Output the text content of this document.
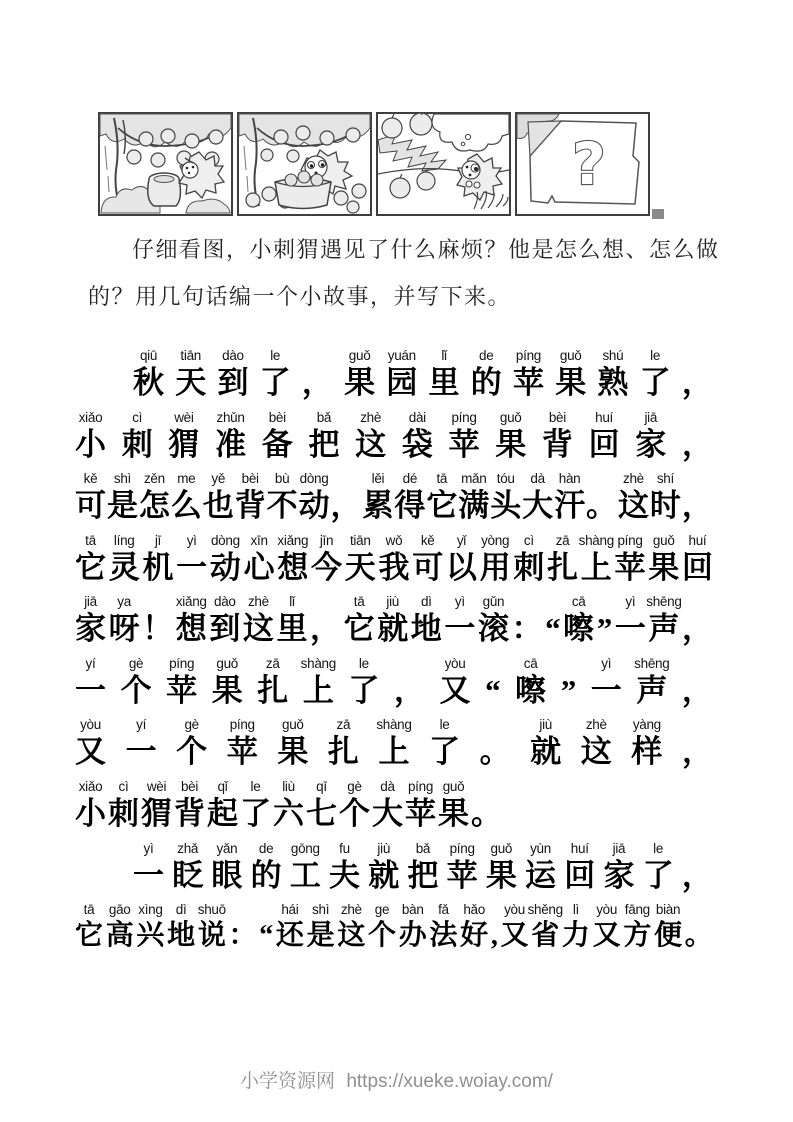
?

仔细看图，小刺猬遇见了什么麻烦？他是怎么想、怎么做

的？用几句话编一个小故事，并写下来。

qiū
秋
tiān
天
dào
到
le
了 ，
guǒ
果
yuán
园
lǐ
里
de
的
píng
苹
guǒ
果
shú
熟
le
了 ，
xiǎo
小
cì
刺
wèi
猬
zhǔn
准
bèi
备
bǎ
把
zhè
这
dài
袋
píng
苹
guǒ
果
bèi
背
huí
回
jiā
家 ，
kě
可
shì
是
zěn
怎
me
么
yě
也
bèi
背
bù
不
dòng
动 ，
lěi
累
dé
得
tā
它
mǎn
满
tóu
头
dà
大
hàn
汗 。
zhè
这
shí
时 ，
tā
它
líng
灵
jī
机
yì
一
dòng
动
xīn
心
xiǎng
想
jīn
今
tiān
天
wǒ
我
kě
可
yǐ
以
yòng
用
cì
刺
zā
扎
shàng
上
píng
苹
guǒ
果
huí
回
jiā
家
ya
呀 ！
xiǎng
想
dào
到
zhè
这
lǐ
里 ，
tā
它
jiù
就
dì
地
yì
一
gǔn
滚 ： “
cā
嚓 ”
yì
一
shēng
声 ，
yí
一
gè
个
píng
苹
guǒ
果
zā
扎
shàng
上
le
了 ，
yòu
又 “
cā
嚓 ”
yì
一
shēng
声 ，
yòu
又
yí
一
gè
个
píng
苹
guǒ
果
zā
扎
shàng
上
le
了 。
jiù
就
zhè
这
yàng
样 ，
xiǎo
小
cì
刺
wèi
猬
bèi
背
qǐ
起
le
了
liù
六
qī
七
gè
个
dà
大
píng
苹
guǒ
果 。
yì
一
zhǎ
眨
yǎn
眼
de
的
gōng
工
fu
夫
jiù
就
bǎ
把
píng
苹
guǒ
果
yùn
运
huí
回
jiā
家
le
了 ，
tā
它
gāo
高
xìng
兴
dì
地
shuō
说 ： “
hái
还
shì
是
zhè
这
ge
个
bàn
办
fǎ
法
hǎo
好 ,
yòu
又
shěng
省
lì
力
yòu
又
fāng
方
biàn
便 。
小学资源网 https://xueke.woiay.com/
